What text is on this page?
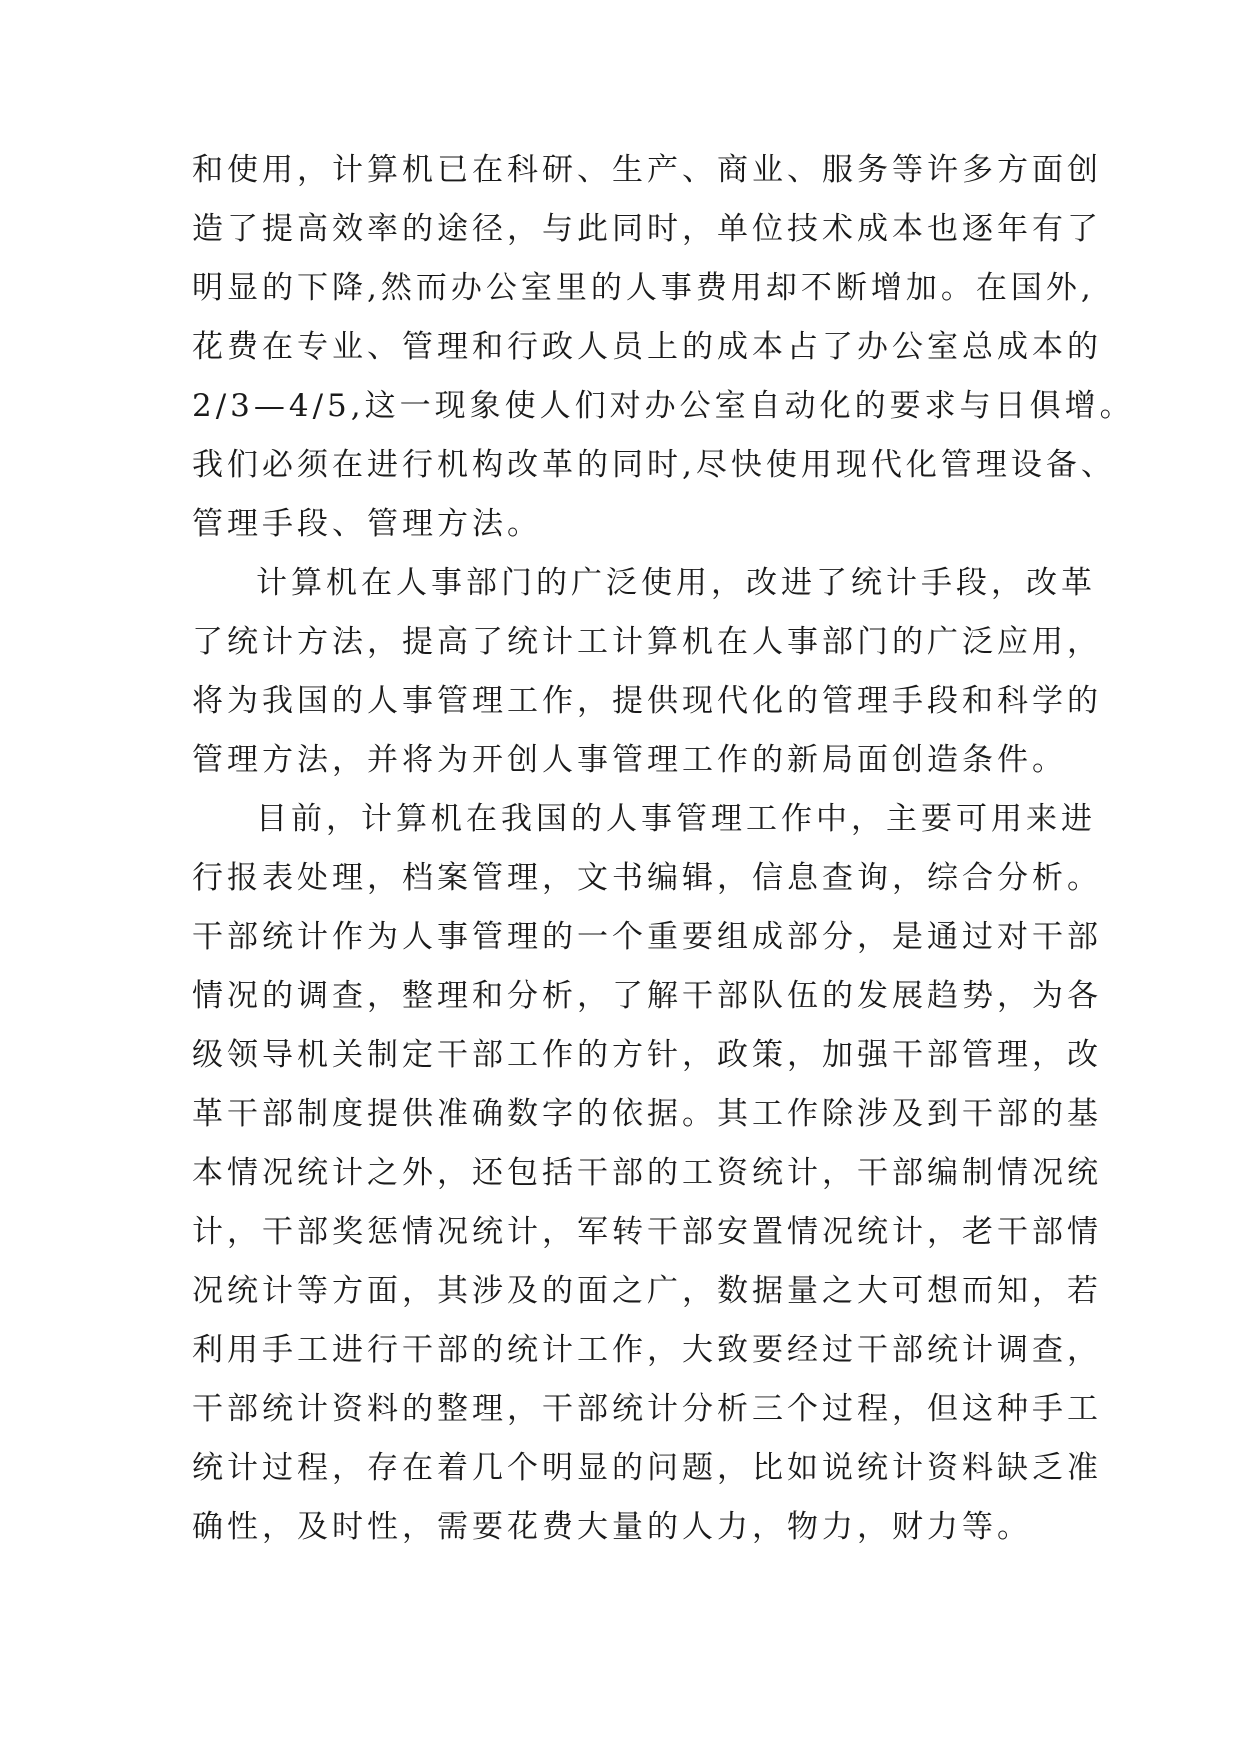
和使用，计算机已在科研、生产、商业、服务等许多方面创
造了提高效率的途径，与此同时，单位技术成本也逐年有了
明显的下降,然而办公室里的人事费用却不断增加。在国外,
花费在专业、管理和行政人员上的成本占了办公室总成本的
2/3—4/5,这一现象使人们对办公室自动化的要求与日俱增。
我们必须在进行机构改革的同时,尽快使用现代化管理设备、
管理手段、管理方法。
计算机在人事部门的广泛使用，改进了统计手段，改革
了统计方法，提高了统计工计算机在人事部门的广泛应用，
将为我国的人事管理工作，提供现代化的管理手段和科学的
管理方法，并将为开创人事管理工作的新局面创造条件。
目前，计算机在我国的人事管理工作中，主要可用来进
行报表处理，档案管理，文书编辑，信息查询，综合分析。
干部统计作为人事管理的一个重要组成部分，是通过对干部
情况的调查，整理和分析，了解干部队伍的发展趋势，为各
级领导机关制定干部工作的方针，政策，加强干部管理，改
革干部制度提供准确数字的依据。其工作除涉及到干部的基
本情况统计之外，还包括干部的工资统计，干部编制情况统
计，干部奖惩情况统计，军转干部安置情况统计，老干部情
况统计等方面，其涉及的面之广，数据量之大可想而知，若
利用手工进行干部的统计工作，大致要经过干部统计调查，
干部统计资料的整理，干部统计分析三个过程，但这种手工
统计过程，存在着几个明显的问题，比如说统计资料缺乏准
确性，及时性，需要花费大量的人力，物力，财力等。
